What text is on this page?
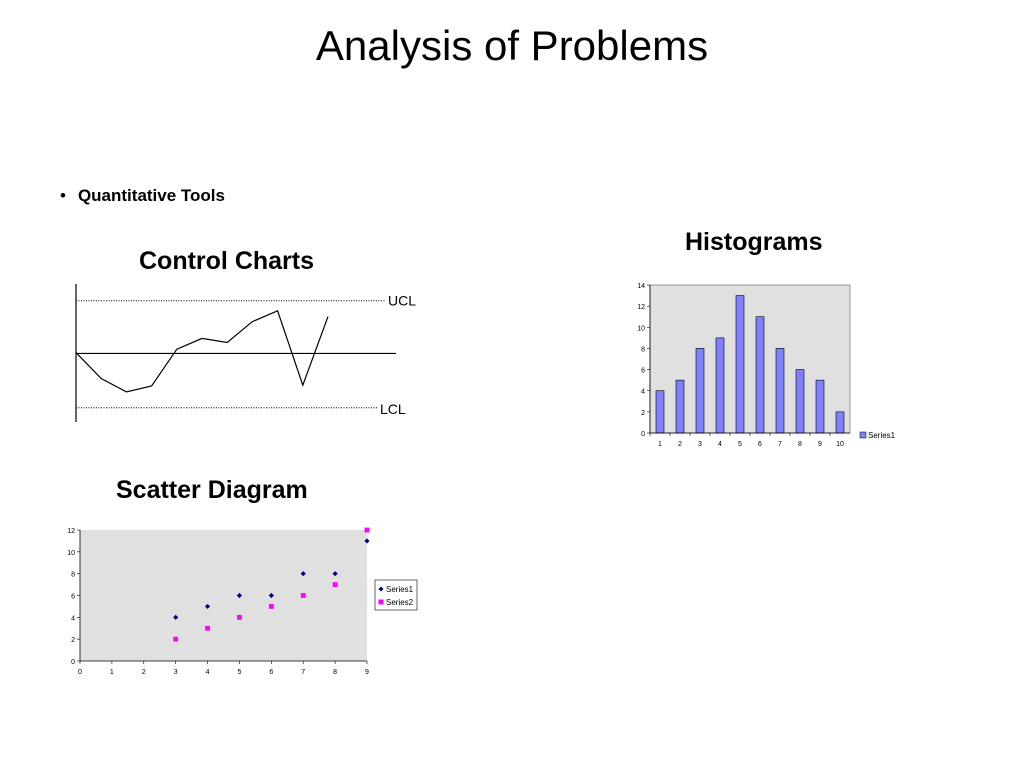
Analysis of Problems
• Quantitative Tools
Control Charts
Histograms
Scatter Diagram
UCL
LCL
0
2
4
6
8
10
12
14
1 2 3 4 5 6 7 8 9 10
Series1
0
2
4
6
8
10
12
0	1	2	3	4	5	6	7	8	9
Series1
Series2
